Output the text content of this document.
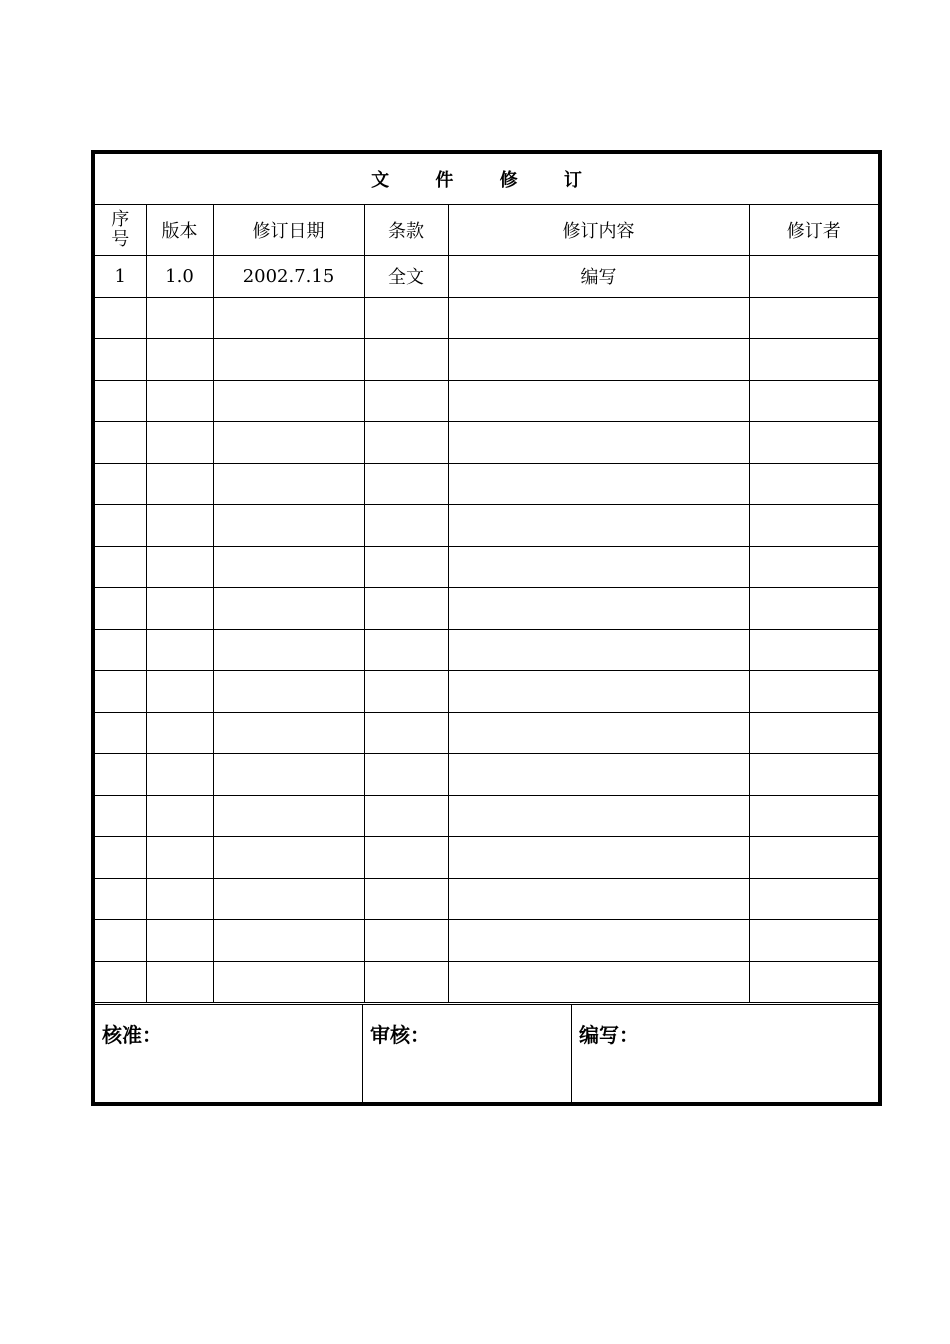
文 件 修 订					
序
号	版本	修订日期	条款	修订内容	修订者
1	1.0	2002.7.15	全文	编写	

核准：	审核：	编写：
